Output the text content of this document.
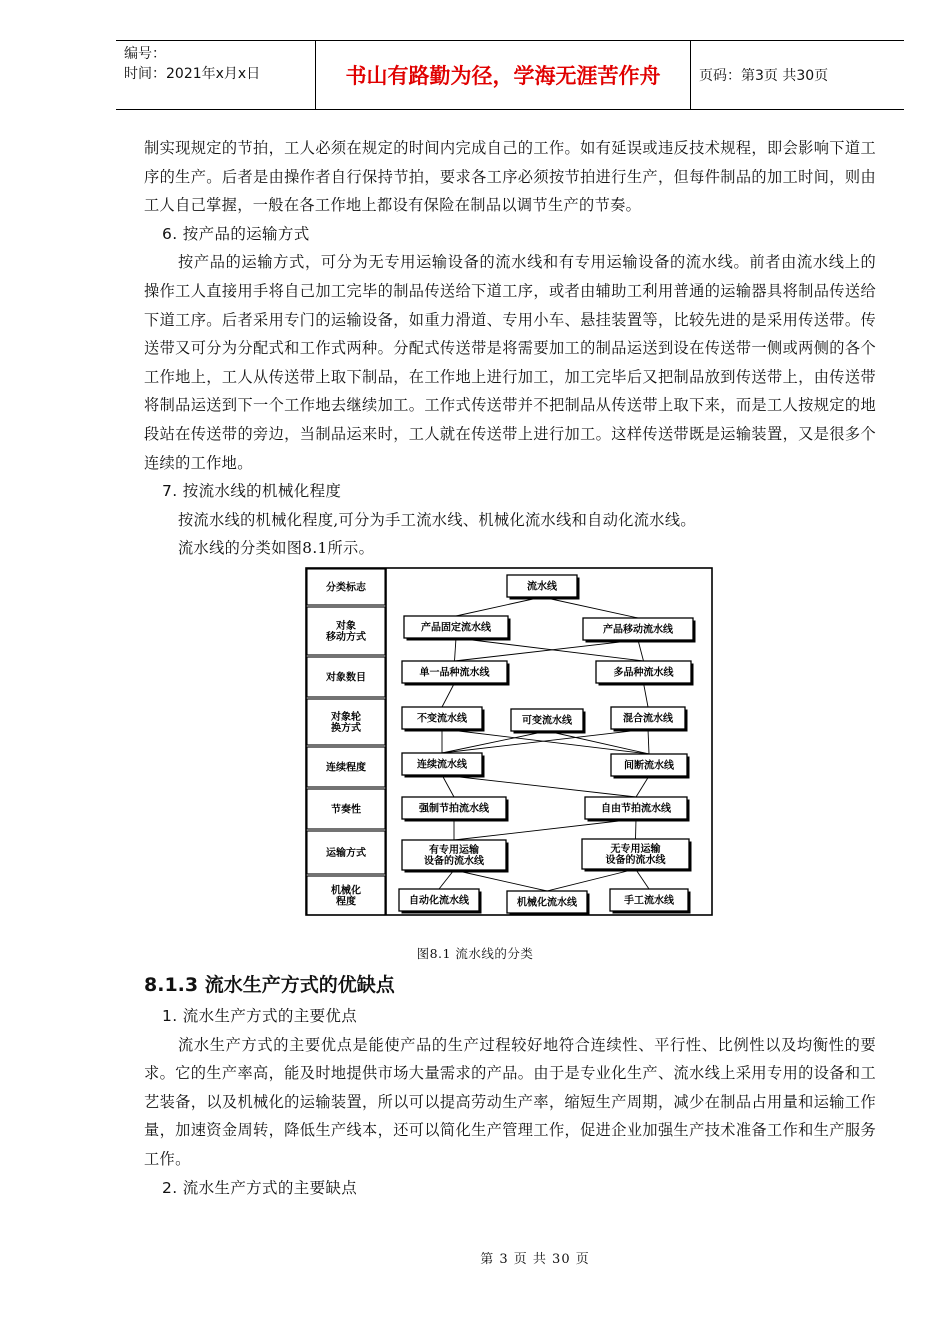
编号：
时间：2021年x月x日	书山有路勤为径，学海无涯苦作舟	页码：第3页 共30页

制实现规定的节拍，工人必须在规定的时间内完成自己的工作。如有延误或违反技术规程，即会影响下道工序的生产。后者是由操作者自行保持节拍，要求各工序必须按节拍进行生产，但每件制品的加工时间，则由工人自己掌握，一般在各工作地上都设有保险在制品以调节生产的节奏。

6. 按产品的运输方式

按产品的运输方式，可分为无专用运输设备的流水线和有专用运输设备的流水线。前者由流水线上的操作工人直接用手将自己加工完毕的制品传送给下道工序，或者由辅助工利用普通的运输器具将制品传送给下道工序。后者采用专门的运输设备，如重力滑道、专用小车、悬挂装置等，比较先进的是采用传送带。传送带又可分为分配式和工作式两种。分配式传送带是将需要加工的制品运送到设在传送带一侧或两侧的各个工作地上，工人从传送带上取下制品，在工作地上进行加工，加工完毕后又把制品放到传送带上，由传送带将制品运送到下一个工作地去继续加工。工作式传送带并不把制品从传送带上取下来，而是工人按规定的地段站在传送带的旁边，当制品运来时，工人就在传送带上进行加工。这样传送带既是运输装置，又是很多个连续的工作地。

7. 按流水线的机械化程度

按流水线的机械化程度,可分为手工流水线、机械化流水线和自动化流水线。

流水线的分类如图8.1所示。

分类标志
对象移动方式
对象数目
对象轮换方式
连续程度
节奏性
运输方式
机械化程度
流水线
产品固定流水线	产品移动流水线
单一品种流水线	多品种流水线
不变流水线	可变流水线	混合流水线
连续流水线	间断流水线
强制节拍流水线	自由节拍流水线
有专用运输设备的流水线
无专用运输设备的流水线
自动化流水线	机械化流水线	手工流水线
图8.1 流水线的分类
8.1.3 流水生产方式的优缺点

1. 流水生产方式的主要优点

流水生产方式的主要优点是能使产品的生产过程较好地符合连续性、平行性、比例性以及均衡性的要求。它的生产率高，能及时地提供市场大量需求的产品。由于是专业化生产、流水线上采用专用的设备和工艺装备，以及机械化的运输装置，所以可以提高劳动生产率，缩短生产周期，减少在制品占用量和运输工作量，加速资金周转，降低生产线本，还可以简化生产管理工作，促进企业加强生产技术准备工作和生产服务工作。

2. 流水生产方式的主要缺点

第 3 页 共 30 页
